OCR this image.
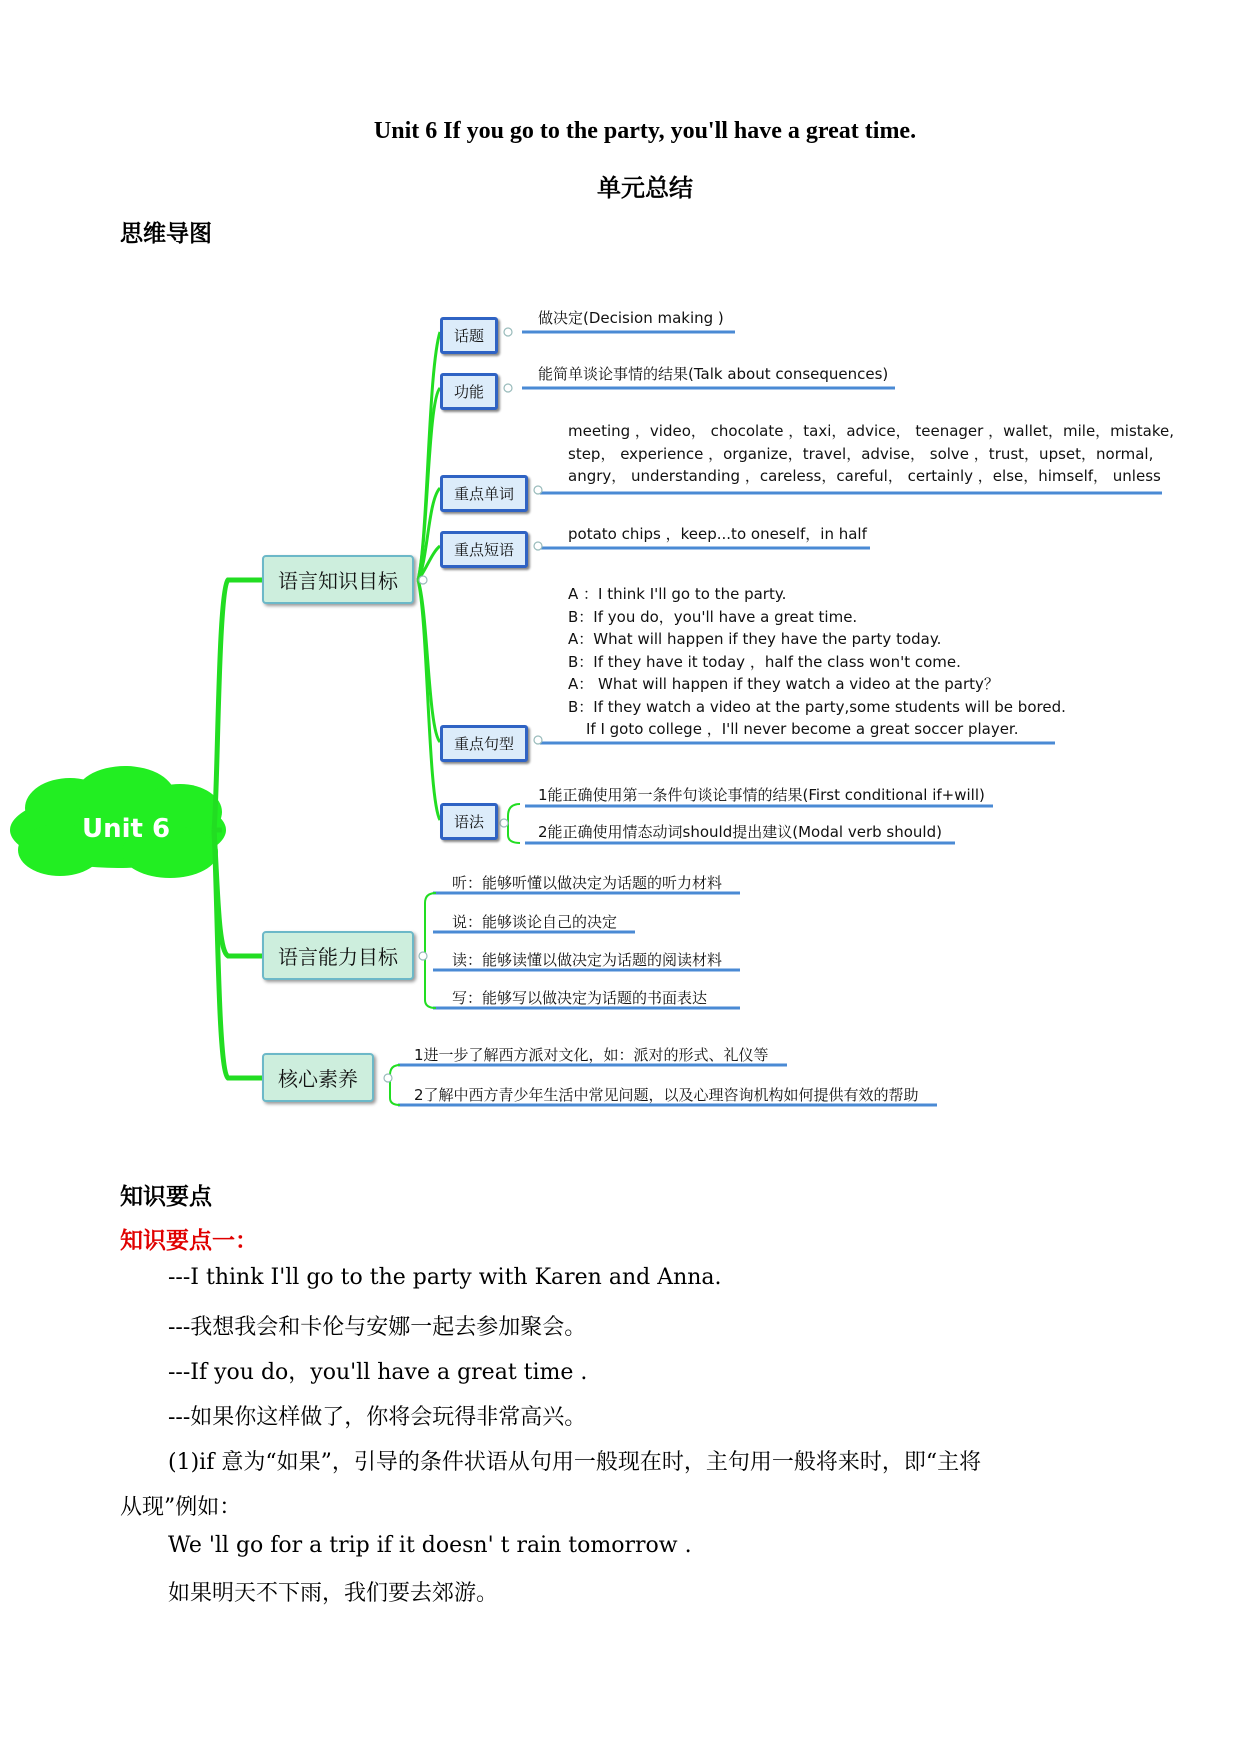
Unit 6 If you go to the party, you'll have a great time.
单元总结
思维导图
Unit 6
语言知识目标
语言能力目标
核心素养
话题
功能
重点单词
重点短语
重点句型
语法
做决定(Decision making )
能简单谈论事情的结果(Talk about consequences)
meeting ，video， chocolate ，taxi，advice， teenager ，wallet，mile，mistake,
step， experience ，organize，travel，advise， solve ，trust，upset，normal,
angry， understanding ，careless，careful， certainly ，else，himself， unless
potato chips ，keep...to oneself，in half
A ：I think I'll go to the party.
B：If you do，you'll have a great time.
A：What will happen if they have the party today.
B：If they have it today ，half the class won't come.
A： What will happen if they watch a video at the party？
B：If they watch a video at the party,some students will be bored.
If I goto college ，I'll never become a great soccer player.
1能正确使用第一条件句谈论事情的结果(First conditional if+will)
2能正确使用情态动词should提出建议(Modal verb should)
听：能够听懂以做决定为话题的听力材料
说：能够谈论自己的决定
读：能够读懂以做决定为话题的阅读材料
写：能够写以做决定为话题的书面表达
1进一步了解西方派对文化，如：派对的形式、礼仪等
2了解中西方青少年生活中常见问题，以及心理咨询机构如何提供有效的帮助
知识要点
知识要点一：
---I think I'll go to the party with Karen and Anna.
---我想我会和卡伦与安娜一起去参加聚会。
---If you do，you'll have a great time .
---如果你这样做了，你将会玩得非常高兴。
(1)if 意为“如果”，引导的条件状语从句用一般现在时，主句用一般将来时，即“主将
从现”例如：
We 'll go for a trip if it doesn' t rain tomorrow .
如果明天不下雨，我们要去郊游。
